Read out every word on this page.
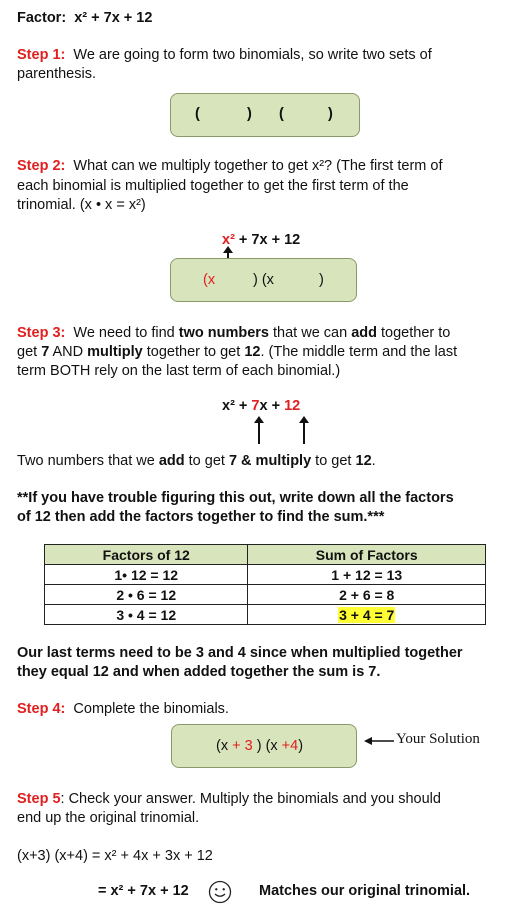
Factor: x² + 7x + 12
Step 1: We are going to form two binomials, so write two sets of
parenthesis.
(	) (	)
Step 2: What can we multiply together to get x²? (The first term of
each binomial is multiplied together to get the first term of the
trinomial. (x • x = x²)
x² + 7x + 12
(x	) (x	)
Step 3: We need to find two numbers that we can add together to
get 7 AND multiply together to get 12. (The middle term and the last
term BOTH rely on the last term of each binomial.)
x² + 7x + 12
Two numbers that we add to get 7 & multiply to get 12.
**If you have trouble figuring this out, write down all the factors
of 12 then add the factors together to find the sum.***
Factors of 12	Sum of Factors
1• 12 = 12	1 + 12 = 13
2 • 6 = 12	2 + 6 = 8
3 • 4 = 12	3 + 4 = 7
Our last terms need to be 3 and 4 since when multiplied together
they equal 12 and when added together the sum is 7.
Step 4: Complete the binomials.
(x + 3 ) (x +4)	Your Solution
Step 5: Check your answer. Multiply the binomials and you should
end up the original trinomial.
(x+3) (x+4) = x² + 4x + 3x + 12
= x² + 7x + 12	Matches our original trinomial.
